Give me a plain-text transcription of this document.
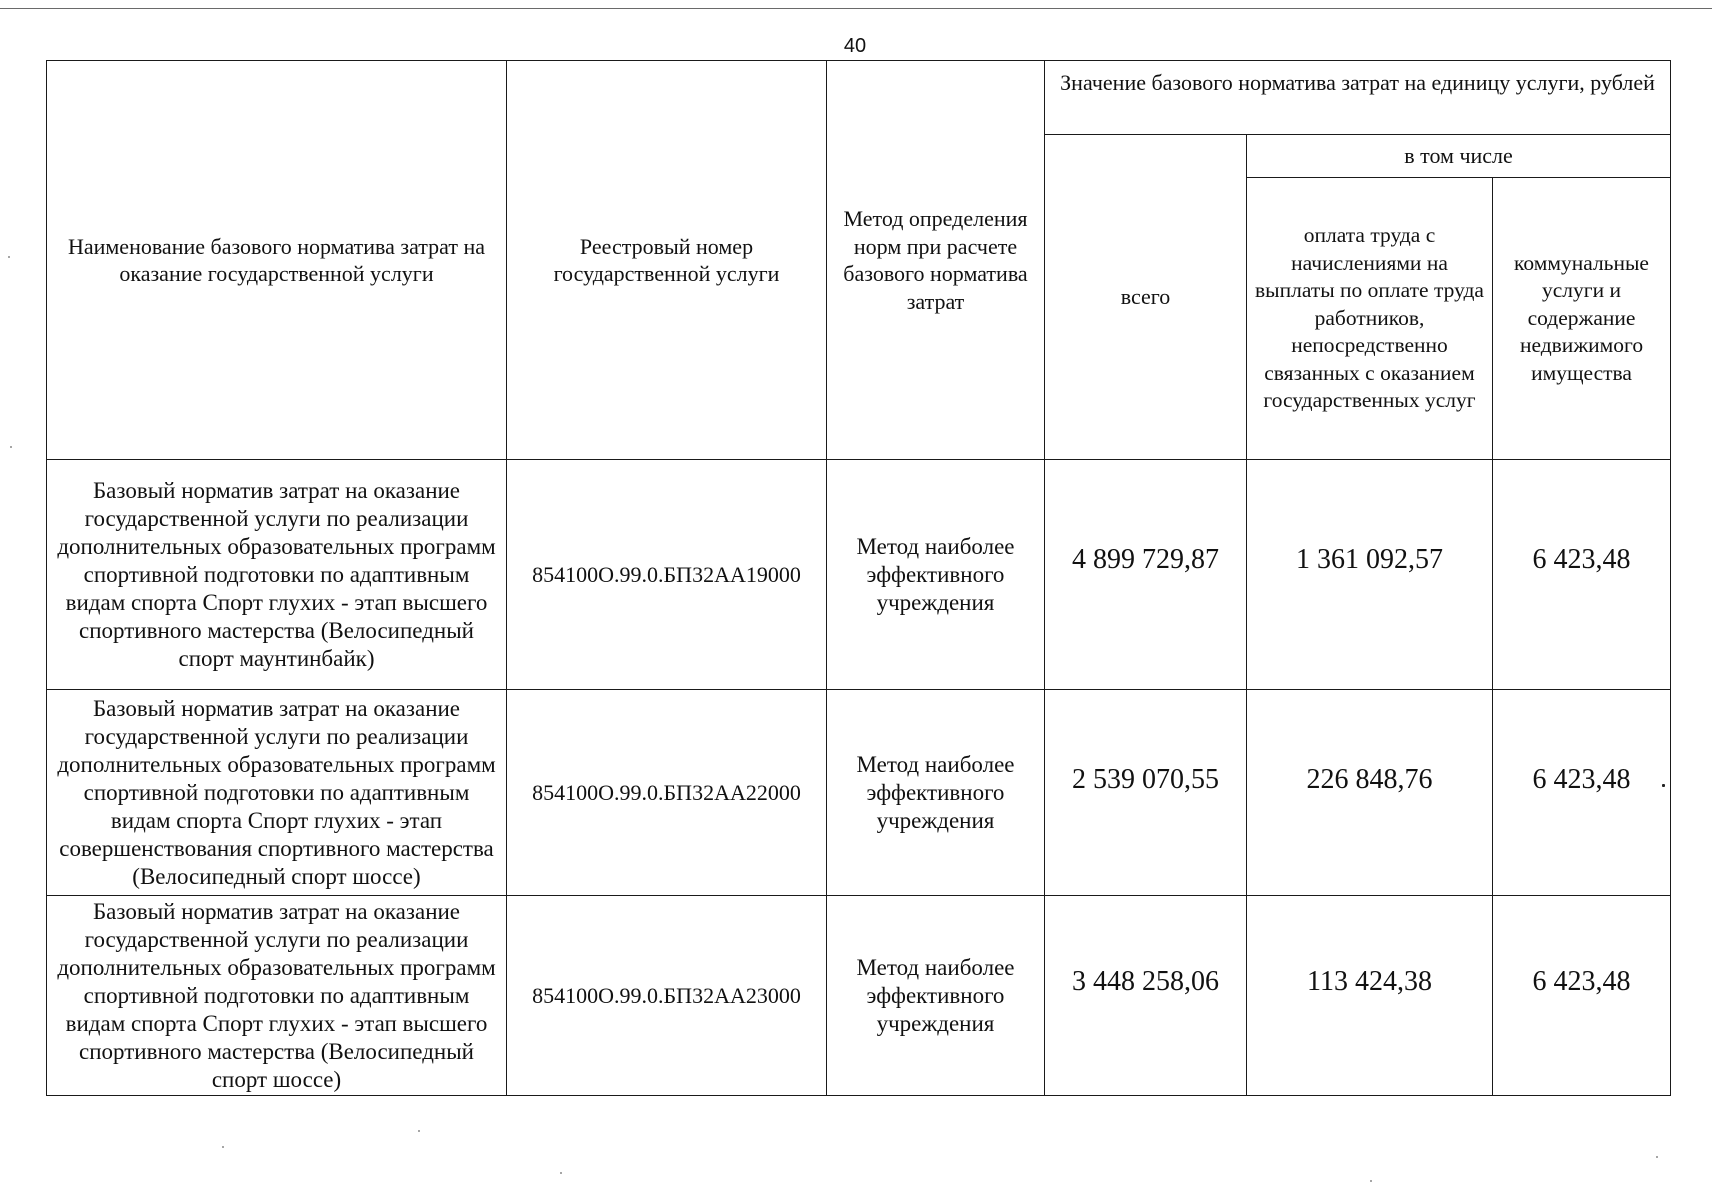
40
Наименование базового норматива затрат на оказание государственной услуги	Реестровый номер государственной услуги	Метод определения норм при расчете базового норматива затрат	Значение базового норматива затрат на единицу услуги, рублей		
			всего	в том числе	
				оплата труда с начислениями на выплаты по оплате труда работников, непосредственно связанных с оказанием государственных услуг	коммунальные услуги и содержание недвижимого имущества
Базовый норматив затрат на оказание государственной услуги по реализации дополнительных образовательных программ спортивной подготовки по адаптивным видам спорта Спорт глухих - этап высшего спортивного мастерства (Велосипедный спорт маунтинбайк)	854100О.99.0.БП32АА19000	Метод наиболее эффективного учреждения	4 899 729,87	1 361 092,57	6 423,48

Базовый норматив затрат на оказание государственной услуги по реализации дополнительных образовательных программ спортивной подготовки по адаптивным видам спорта Спорт глухих - этап совершенствования спортивного мастерства (Велосипедный спорт шоссе)	854100О.99.0.БП32АА22000	Метод наиболее эффективного учреждения	2 539 070,55	226 848,76	6 423,48

Базовый норматив затрат на оказание государственной услуги по реализации дополнительных образовательных программ спортивной подготовки по адаптивным видам спорта Спорт глухих - этап высшего спортивного мастерства (Велосипедный спорт шоссе)	854100О.99.0.БП32АА23000	Метод наиболее эффективного учреждения	3 448 258,06	113 424,38	6 423,48
